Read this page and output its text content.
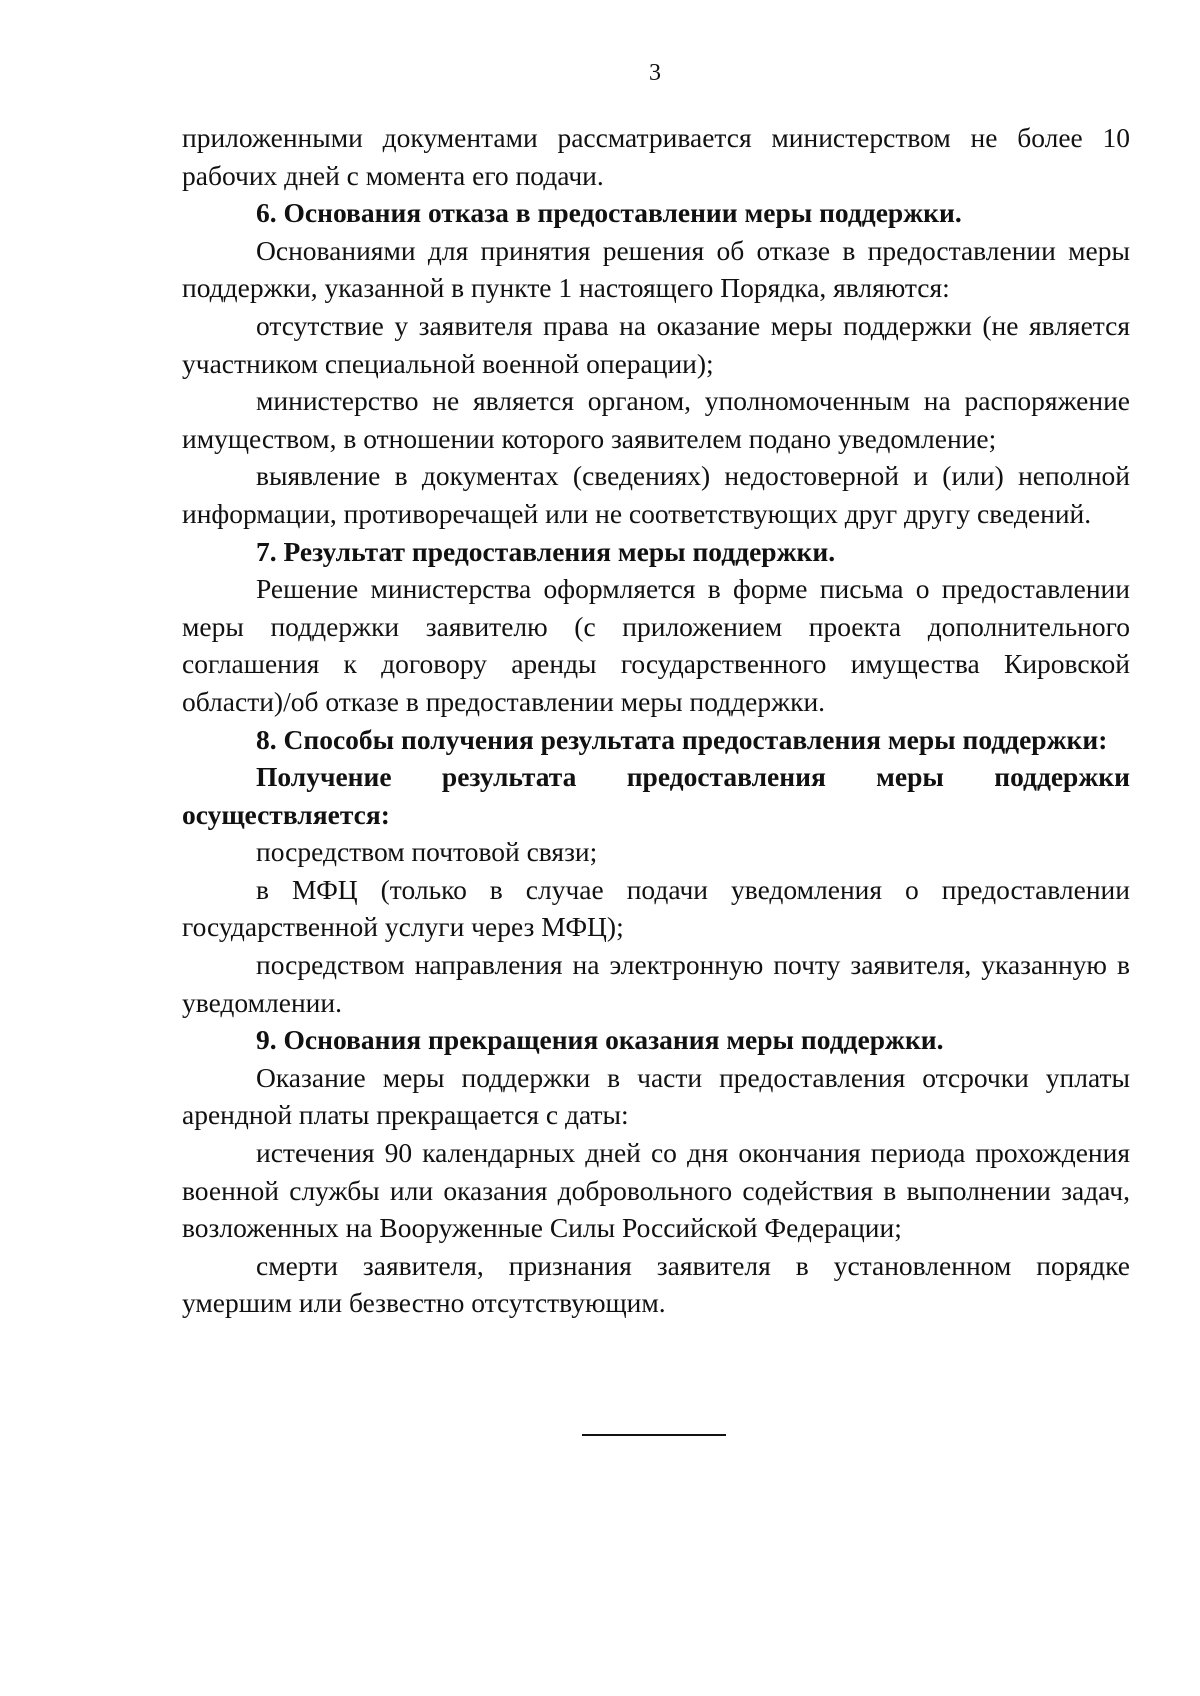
3

приложенными документами рассматривается министерством не более 10 рабочих дней с момента его подачи.

6. Основания отказа в предоставлении меры поддержки.

Основаниями для принятия решения об отказе в предоставлении меры поддержки, указанной в пункте 1 настоящего Порядка, являются:

отсутствие у заявителя права на оказание меры поддержки (не является участником специальной военной операции);

министерство не является органом, уполномоченным на распоряжение имуществом, в отношении которого заявителем подано уведомление;

выявление в документах (сведениях) недостоверной и (или) неполной информации, противоречащей или не соответствующих друг другу сведений.

7. Результат предоставления меры поддержки.

Решение министерства оформляется в форме письма о предоставлении меры поддержки заявителю (с приложением проекта дополнительного соглашения к договору аренды государственного имущества Кировской области)/об отказе в предоставлении меры поддержки.

8. Способы получения результата предоставления меры поддержки:

Получение результата предоставления меры поддержки осуществляется:

посредством почтовой связи;

в МФЦ (только в случае подачи уведомления о предоставлении государственной услуги через МФЦ);

посредством направления на электронную почту заявителя, указанную в уведомлении.

9. Основания прекращения оказания меры поддержки.

Оказание меры поддержки в части предоставления отсрочки уплаты арендной платы прекращается с даты:

истечения 90 календарных дней со дня окончания периода прохождения военной службы или оказания добровольного содействия в выполнении задач, возложенных на Вооруженные Силы Российской Федерации;

смерти заявителя, признания заявителя в установленном порядке умершим или безвестно отсутствующим.
